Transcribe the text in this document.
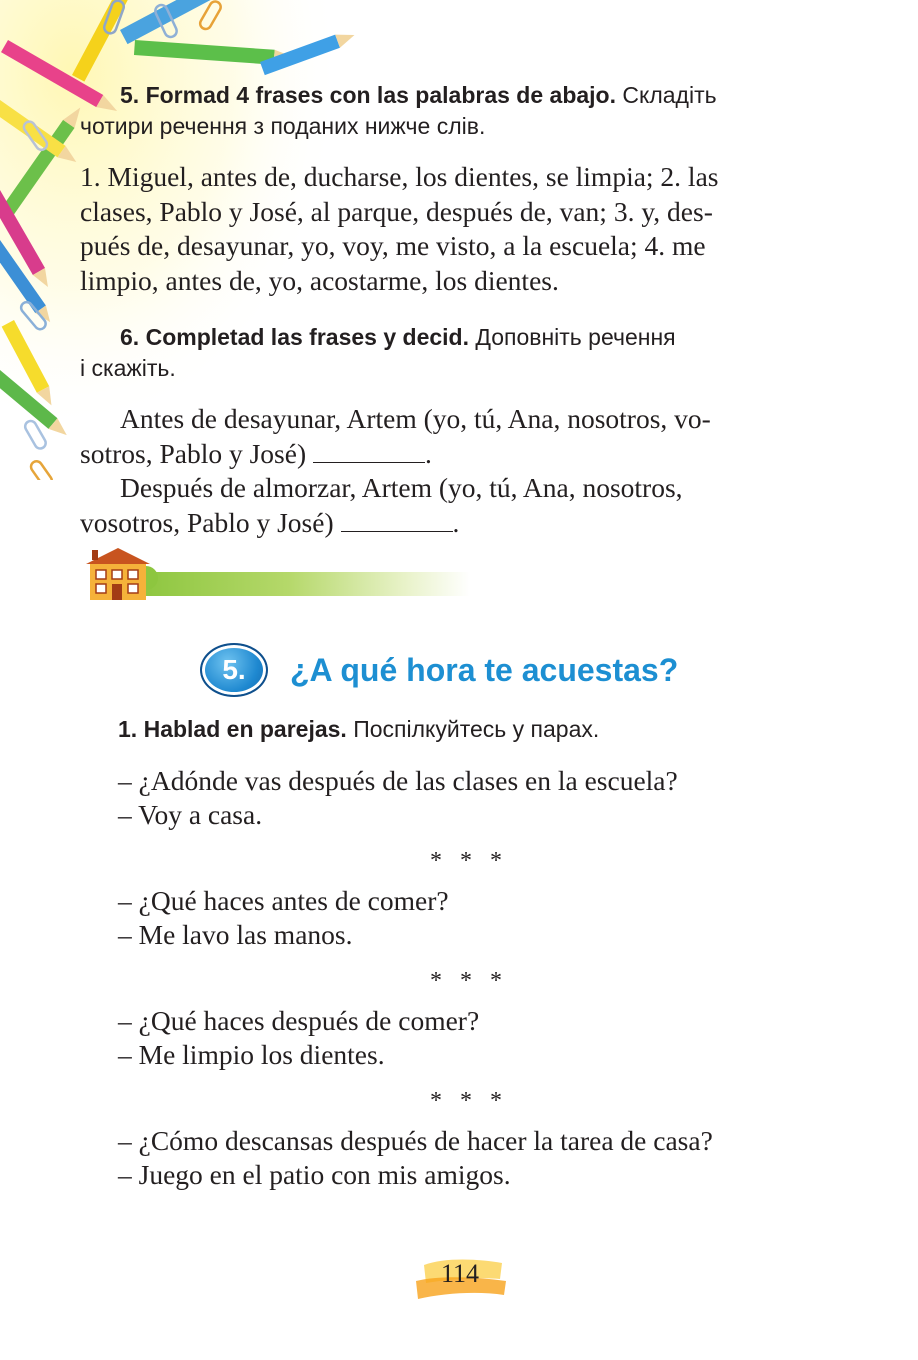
5. Formad 4 frases con las palabras de abajo. Складіть
чотири речення з поданих нижче слів.
1. Miguel, antes de, ducharse, los dientes, se limpia; 2. las
clases, Pablo y José, al parque, después de, van; 3. y, des-
pués de, desayunar, yo, voy, me visto, a la escuela; 4. me
limpio, antes de, yo, acostarme, los dientes.
6. Completad las frases y decid. Доповніть речення
і скажіть.
Antes de desayunar, Artem (yo, tú, Ana, nosotros, vo-
sotros, Pablo y José)	.
Después de almorzar, Artem (yo, tú, Ana, nosotros,
vosotros, Pablo y José)	.
5.	¿A qué hora te acuestas?
1. Hablad en parejas. Поспілкуйтесь у парах.
– ¿Adónde vas después de las clases en la escuela?
– Voy a casa.
* * *
– ¿Qué haces antes de comer?
– Me lavo las manos.
* * *
– ¿Qué haces después de comer?
– Me limpio los dientes.
* * *
– ¿Cómo descansas después de hacer la tarea de casa?
– Juego en el patio con mis amigos.
114
